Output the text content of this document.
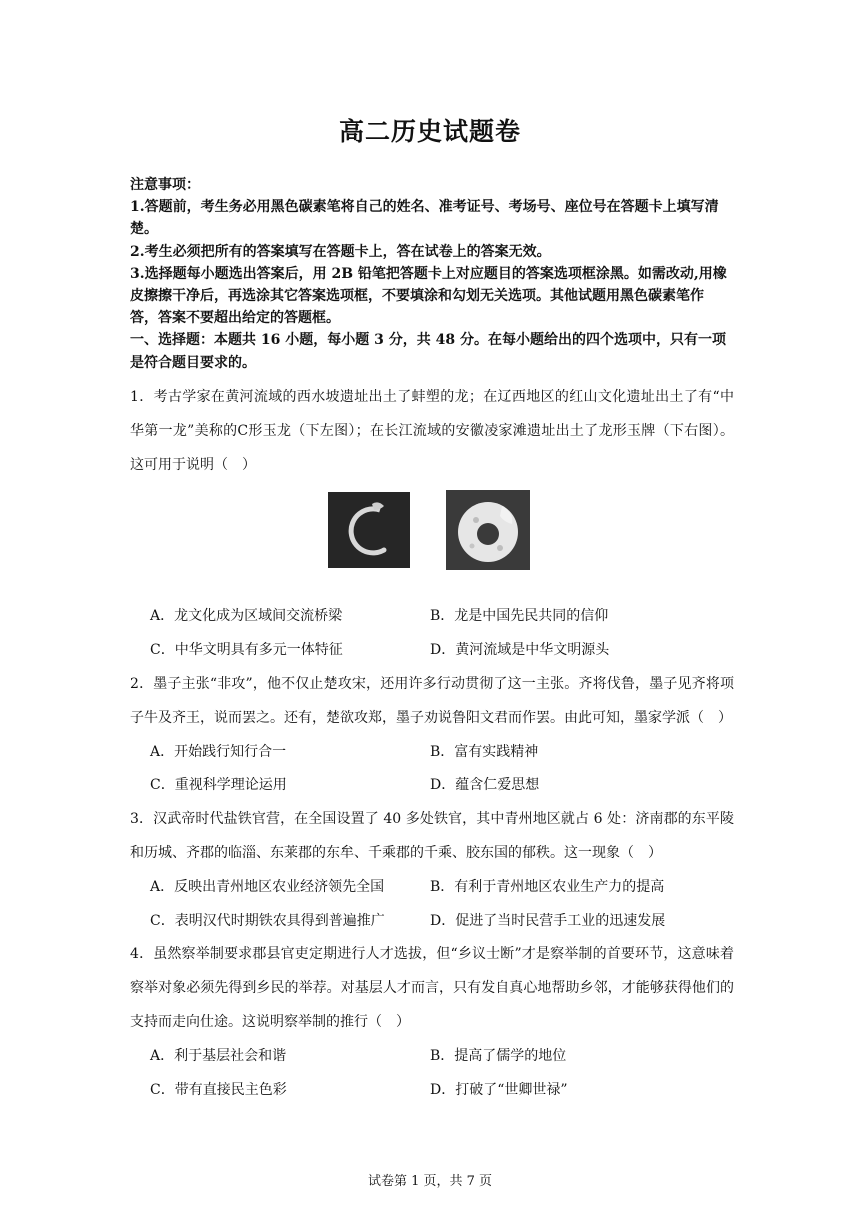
高二历史试题卷

注意事项：

1.答题前，考生务必用黑色碳素笔将自己的姓名、准考证号、考场号、座位号在答题卡上填写清楚。

2.考生必须把所有的答案填写在答题卡上，答在试卷上的答案无效。

3.选择题每小题选出答案后，用 2B 铅笔把答题卡上对应题目的答案选项框涂黑。如需改动,用橡皮擦擦干净后，再选涂其它答案选项框，不要填涂和勾划无关选项。其他试题用黑色碳素笔作答，答案不要超出给定的答题框。

一、选择题：本题共 16 小题，每小题 3 分，共 48 分。在每小题给出的四个选项中，只有一项是符合题目要求的。

1．考古学家在黄河流域的西水坡遗址出土了蚌塑的龙；在辽西地区的红山文化遗址出土了有“中华第一龙”美称的C形玉龙（下左图）；在长江流域的安徽凌家滩遗址出土了龙形玉牌（下右图）。这可用于说明（　）

A．龙文化成为区域间交流桥梁	B．龙是中国先民共同的信仰
C．中华文明具有多元一体特征	D．黄河流域是中华文明源头

2．墨子主张“非攻”，他不仅止楚攻宋，还用许多行动贯彻了这一主张。齐将伐鲁，墨子见齐将项子牛及齐王，说而罢之。还有，楚欲攻郑，墨子劝说鲁阳文君而作罢。由此可知，墨家学派（　）

A．开始践行知行合一	B．富有实践精神
C．重视科学理论运用	D．蕴含仁爱思想

3．汉武帝时代盐铁官营，在全国设置了 40 多处铁官，其中青州地区就占 6 处：济南郡的东平陵和历城、齐郡的临淄、东莱郡的东牟、千乘郡的千乘、胶东国的郁秩。这一现象（　）

A．反映出青州地区农业经济领先全国	B．有利于青州地区农业生产力的提高
C．表明汉代时期铁农具得到普遍推广	D．促进了当时民营手工业的迅速发展

4．虽然察举制要求郡县官吏定期进行人才选拔，但“乡议士断”才是察举制的首要环节，这意味着察举对象必须先得到乡民的举荐。对基层人才而言，只有发自真心地帮助乡邻，才能够获得他们的支持而走向仕途。这说明察举制的推行（　）

A．利于基层社会和谐	B．提高了儒学的地位
C．带有直接民主色彩	D．打破了“世卿世禄”
试卷第 1 页，共 7 页
